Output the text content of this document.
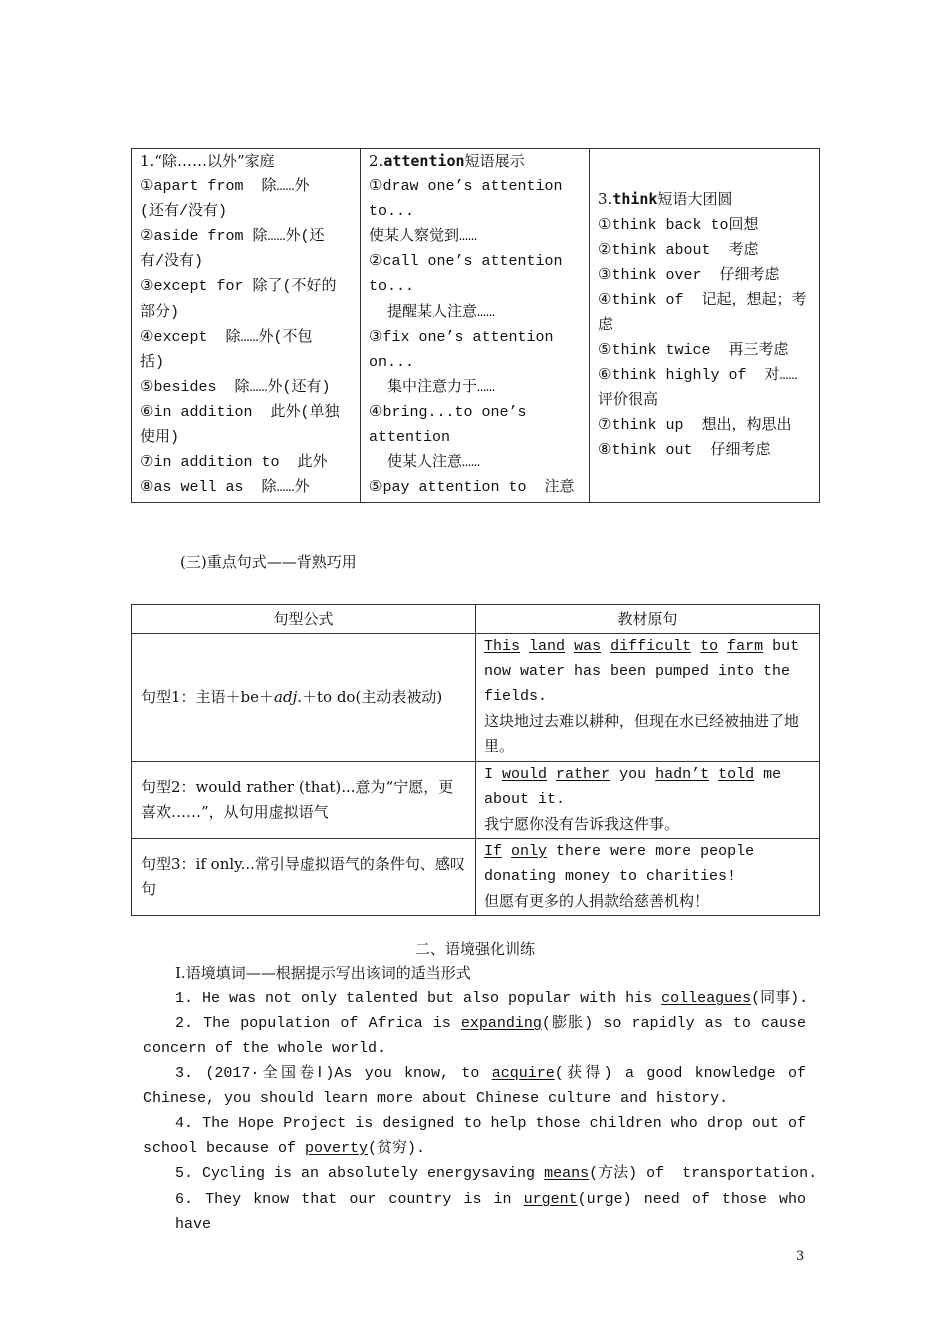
1.“除……以外”家庭
①apart from  除……外
(还有/没有)
②aside from 除……外(还
有/没有)
③except for 除了(不好的
部分)
④except  除……外(不包
括)
⑤besides  除……外(还有)
⑥in addition  此外(单独
使用)
⑦in addition to  此外
⑧as well as  除……外

2.attention短语展示
①draw one’s attention
to...
使某人察觉到……
②call one’s attention
to...
提醒某人注意……
③fix one’s attention
on...
集中注意力于……
④bring...to one’s
attention
使某人注意……
⑤pay attention to  注意

3.think短语大团圆
①think back to回想
②think about  考虑
③think over  仔细考虑
④think of  记起，想起；考
虑
⑤think twice  再三考虑
⑥think highly of  对……
评价很高
⑦think up  想出，构思出
⑧think out  仔细考虑
(三)重点句式——背熟巧用
句型公式	教材原句
句型1：主语＋be＋adj.＋to do(主动表被动)	This land was difficult to farm but now water has been pumped into the fields.
这块地过去难以耕种，但现在水已经被抽进了地里。

句型2：would rather (that)...意为“宁愿，更喜欢……”，从句用虚拟语气	I would rather you hadn’t told me about it.
我宁愿你没有告诉我这件事。

句型3：if only...常引导虚拟语气的条件句、感叹句	If only there were more people donating money to charities!
但愿有更多的人捐款给慈善机构！
二、语境强化训练
Ⅰ.语境填词——根据提示写出该词的适当形式
1. He was not only talented but also popular with his colleagues(同事).
2. The population of Africa is expanding(膨胀) so rapidly as to cause
concern of the whole world.
3. (2017·全国卷Ⅰ)As you know, to acquire(获得) a good knowledge of
Chinese, you should learn more about Chinese culture and history.
4. The Hope Project is designed to help those children who drop out of
school because of poverty(贫穷).
5. Cycling is an absolutely energysaving means(方法) of  transportation.
6. They know that our country is in urgent(urge) need of those who have
3
